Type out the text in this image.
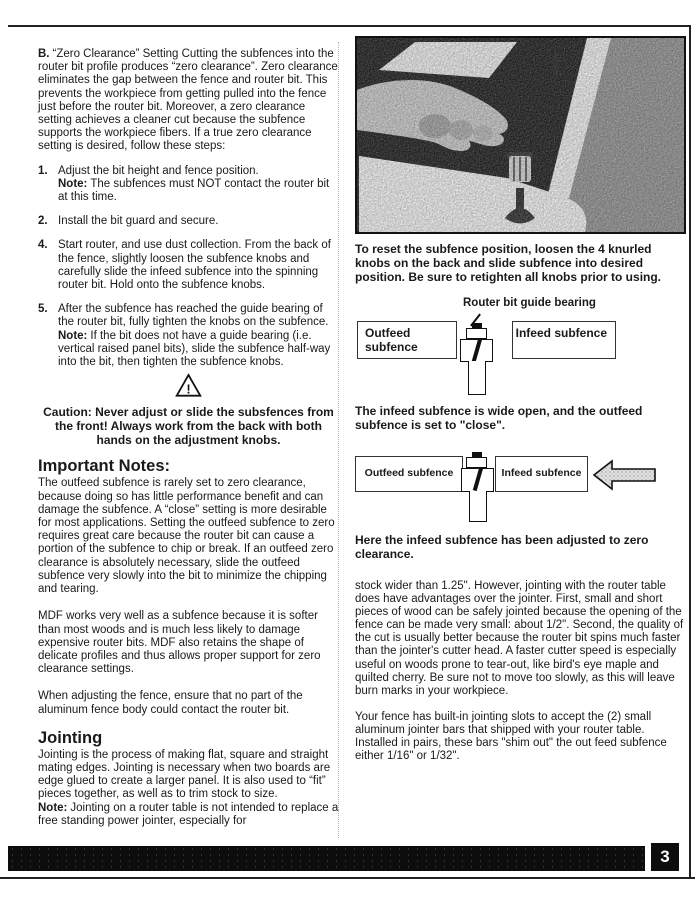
B. “Zero Clearance” Setting Cutting the subfences into the router bit profile produces “zero clearance”. Zero clearance eliminates the gap between the fence and router bit. This prevents the workpiece from getting pulled into the fence just before the router bit. Moreover, a zero clearance setting achieves a cleaner cut because the subfence supports the workpiece fibers. If a true zero clearance setting is desired, follow these steps:

1. Adjust the bit height and fence position.
Note: The subfences must NOT contact the router bit at this time.
2. Install the bit guard and secure.
4. Start router, and use dust collection. From the back of the fence, slightly loosen the subfence knobs and carefully slide the infeed subfence into the spinning router bit. Hold onto the subfence knobs.
5. After the subfence has reached the guide bearing of the router bit, fully tighten the knobs on the subfence.
Note: If the bit does not have a guide bearing (i.e. vertical raised panel bits), slide the subfence half-way into the bit, then tighten the subfence knobs.
!

Caution: Never adjust or slide the subsfences from the front! Always work from the back with both hands on the adjustment knobs.

Important Notes:

The outfeed subfence is rarely set to zero clearance, because doing so has little performance benefit and can damage the subfence. A “close” setting is more desirable for most applications. Setting the outfeed subfence to zero requires great care because the router bit can cause a portion of the subfence to chip or break. If an outfeed zero clearance is absolutely necessary, slide the outfeed subfence very slowly into the bit to minimize the chipping and tearing.

MDF works very well as a subfence because it is softer than most woods and is much less likely to damage expensive router bits. MDF also retains the shape of delicate profiles and thus allows proper support for zero clearance settings.

When adjusting the fence, ensure that no part of the aluminum fence body could contact the router bit.

Jointing

Jointing is the process of making flat, square and straight mating edges. Jointing is necessary when two boards are edge glued to create a larger panel. It is also used to “fit” pieces together, as well as to trim stock to size.

Note: Jointing on a router table is not intended to replace a free standing power jointer, especially for

To reset the subfence position, loosen the 4 knurled knobs on the back and slide subfence into desired position. Be sure to retighten all knobs prior to using.

Router bit guide bearing
Outfeed subfence
Infeed subfence

The infeed subfence is wide open, and the outfeed subfence is set to "close".

Outfeed subfence	Infeed subfence

Here the infeed subfence has been adjusted to zero clearance.

stock wider than 1.25". However, jointing with the router table does have advantages over the jointer. First, small and short pieces of wood can be safely jointed because the opening of the fence can be made very small: about 1/2". Second, the quality of the cut is usually better because the router bit spins much faster than the jointer's cutter head. A faster cutter speed is especially useful on woods prone to tear-out, like bird's eye maple and quilted cherry. Be sure not to move too slowly, as this will leave burn marks in your workpiece.

Your fence has built-in jointing slots to accept the (2) small aluminum jointer bars that shipped with your router table. Installed in pairs, these bars "shim out" the out feed subfence either 1/16" or 1/32".

3
